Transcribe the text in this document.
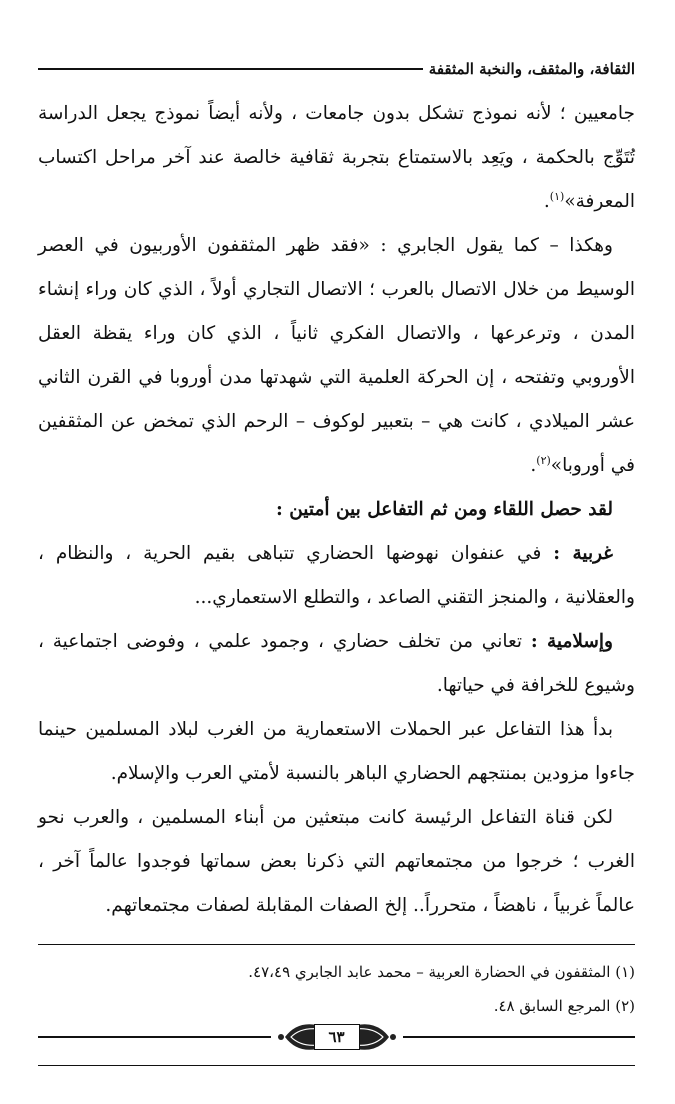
الثقافة، والمثقف، والنخبة المثقفة

جامعيين ؛ لأنه نموذج تشكل بدون جامعات ، ولأنه أيضاً نموذج يجعل الدراسة تُتَوِّج بالحكمة ، ويَعِد بالاستمتاع بتجربة ثقافية خالصة عند آخر مراحل اكتساب المعرفة»$^{(١)}$.

وهكذا – كما يقول الجابري : «فقد ظهر المثقفون الأوربيون في العصر الوسيط من خلال الاتصال بالعرب ؛ الاتصال التجاري أولاً ، الذي كان وراء إنشاء المدن ، وترعرعها ، والاتصال الفكري ثانياً ، الذي كان وراء يقظة العقل الأوروبي وتفتحه ، إن الحركة العلمية التي شهدتها مدن أوروبا في القرن الثاني عشر الميلادي ، كانت هي – بتعبير لوكوف – الرحم الذي تمخض عن المثقفين في أوروبا»$^{(٢)}$.

لقد حصل اللقاء ومن ثم التفاعل بين أمتين :

غربية : في عنفوان نهوضها الحضاري تتباهى بقيم الحرية ، والنظام ، والعقلانية ، والمنجز التقني الصاعد ، والتطلع الاستعماري...

وإسلامية : تعاني من تخلف حضاري ، وجمود علمي ، وفوضى اجتماعية ، وشيوع للخرافة في حياتها.

بدأ هذا التفاعل عبر الحملات الاستعمارية من الغرب لبلاد المسلمين حينما جاءوا مزودين بمنتجهم الحضاري الباهر بالنسبة لأمتي العرب والإسلام.

لكن قناة التفاعل الرئيسة كانت مبتعثين من أبناء المسلمين ، والعرب نحو الغرب ؛ خرجوا من مجتمعاتهم التي ذكرنا بعض سماتها فوجدوا عالماً آخر ، عالماً غربياً ، ناهضاً ، متحرراً.. إلخ الصفات المقابلة لصفات مجتمعاتهم.

(١) المثقفون في الحضارة العربية – محمد عابد الجابري ٤٧،٤٩.

(٢) المرجع السابق ٤٨.

٦٣
